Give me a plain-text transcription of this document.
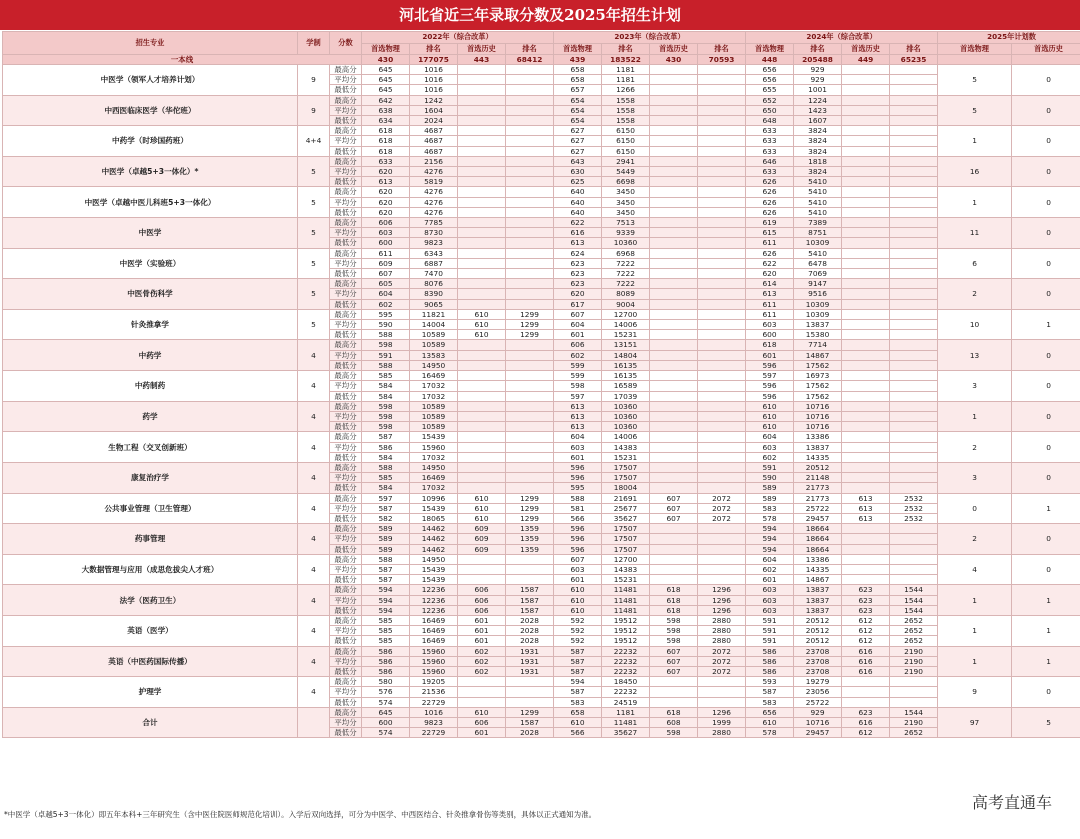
河北省近三年录取分数及2025年招生计划
招生专业	学制	分数	2022年（综合改革）				2023年（综合改革）				2024年（综合改革）				2025年计划数	
			首选物理	排名	首选历史	排名	首选物理	排名	首选历史	排名	首选物理	排名	首选历史	排名	首选物理	首选历史
一本线			430	177075	443	68412	439	183522	430	70593	448	205488	449	65235		
中医学（领军人才培养计划）	9	最高分	645	1016			658	1181			656	929			5	0
		平均分	645	1016			658	1181			656	929				
		最低分	645	1016			657	1266			655	1001				
中西医临床医学（华佗班）	9	最高分	642	1242			654	1558			652	1224			5	0
		平均分	638	1604			654	1558			650	1423				
		最低分	634	2024			654	1558			648	1607				
中药学（时珍国药班）	4+4	最高分	618	4687			627	6150			633	3824			1	0
		平均分	618	4687			627	6150			633	3824				
		最低分	618	4687			627	6150			633	3824				
中医学（卓越5+3一体化）*	5	最高分	633	2156			643	2941			646	1818			16	0
		平均分	620	4276			630	5449			633	3824				
		最低分	613	5819			625	6698			626	5410				
中医学（卓越中医儿科班5+3一体化）	5	最高分	620	4276			640	3450			626	5410			1	0
		平均分	620	4276			640	3450			626	5410				
		最低分	620	4276			640	3450			626	5410				
中医学	5	最高分	606	7785			622	7513			619	7389			11	0
		平均分	603	8730			616	9339			615	8751				
		最低分	600	9823			613	10360			611	10309				
中医学（实验班）	5	最高分	611	6343			624	6968			626	5410			6	0
		平均分	609	6887			623	7222			622	6478				
		最低分	607	7470			623	7222			620	7069				
中医骨伤科学	5	最高分	605	8076			623	7222			614	9147			2	0
		平均分	604	8390			620	8089			613	9516				
		最低分	602	9065			617	9004			611	10309				
针灸推拿学	5	最高分	595	11821	610	1299	607	12700			611	10309			10	1
		平均分	590	14004	610	1299	604	14006			603	13837				
		最低分	588	10589	610	1299	601	15231			600	15380				
中药学	4	最高分	598	10589			606	13151			618	7714			13	0
		平均分	591	13583			602	14804			601	14867				
		最低分	588	14950			599	16135			596	17562				
中药制药	4	最高分	585	16469			599	16135			597	16973			3	0
		平均分	584	17032			598	16589			596	17562				
		最低分	584	17032			597	17039			596	17562				
药学	4	最高分	598	10589			613	10360			610	10716			1	0
		平均分	598	10589			613	10360			610	10716				
		最低分	598	10589			613	10360			610	10716				
生物工程（交叉创新班）	4	最高分	587	15439			604	14006			604	13386			2	0
		平均分	586	15960			603	14383			603	13837				
		最低分	584	17032			601	15231			602	14335				
康复治疗学	4	最高分	588	14950			596	17507			591	20512			3	0
		平均分	585	16469			596	17507			590	21148				
		最低分	584	17032			595	18004			589	21773				
公共事业管理（卫生管理）	4	最高分	597	10996	610	1299	588	21691	607	2072	589	21773	613	2532	0	1
		平均分	587	15439	610	1299	581	25677	607	2072	583	25722	613	2532		
		最低分	582	18065	610	1299	566	35627	607	2072	578	29457	613	2532		
药事管理	4	最高分	589	14462	609	1359	596	17507			594	18664			2	0
		平均分	589	14462	609	1359	596	17507			594	18664				
		最低分	589	14462	609	1359	596	17507			594	18664				
大数据管理与应用（成思危拔尖人才班）	4	最高分	588	14950			607	12700			604	13386			4	0
		平均分	587	15439			603	14383			602	14335				
		最低分	587	15439			601	15231			601	14867				
法学（医药卫生）	4	最高分	594	12236	606	1587	610	11481	618	1296	603	13837	623	1544	1	1
		平均分	594	12236	606	1587	610	11481	618	1296	603	13837	623	1544		
		最低分	594	12236	606	1587	610	11481	618	1296	603	13837	623	1544		
英语（医学）	4	最高分	585	16469	601	2028	592	19512	598	2880	591	20512	612	2652	1	1
		平均分	585	16469	601	2028	592	19512	598	2880	591	20512	612	2652		
		最低分	585	16469	601	2028	592	19512	598	2880	591	20512	612	2652		
英语（中医药国际传播）	4	最高分	586	15960	602	1931	587	22232	607	2072	586	23708	616	2190	1	1
		平均分	586	15960	602	1931	587	22232	607	2072	586	23708	616	2190		
		最低分	586	15960	602	1931	587	22232	607	2072	586	23708	616	2190		
护理学	4	最高分	580	19205			594	18450			593	19279			9	0
		平均分	576	21536			587	22232			587	23056				
		最低分	574	22729			583	24519			583	25722				
合计		最高分	645	1016	610	1299	658	1181	618	1296	656	929	623	1544	97	5
		平均分	600	9823	606	1587	610	11481	608	1999	610	10716	616	2190		
		最低分	574	22729	601	2028	566	35627	598	2880	578	29457	612	2652		
*中医学（卓越5+3一体化）即五年本科+三年研究生（含中医住院医师规范化培训）。入学后双向选择，可分为中医学、中西医结合、针灸推拿骨伤等类别，具体以正式通知为准。
高考直通车
